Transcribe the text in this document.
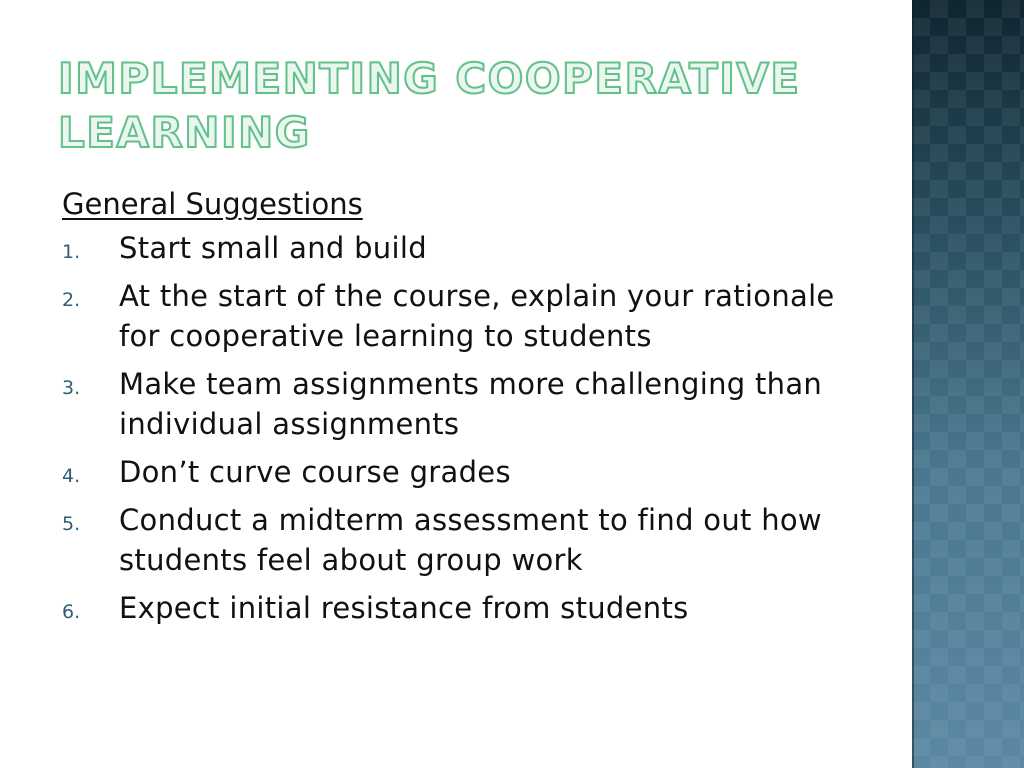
IMPLEMENTING COOPERATIVE LEARNING
General Suggestions
1.	Start small and build
2.	At the start of the course, explain your rationale for cooperative learning to students
3.	Make team assignments more challenging than individual assignments
4.	Don’t curve course grades
5.	Conduct a midterm assessment to find out how students feel about group work
6.	Expect initial resistance from students
